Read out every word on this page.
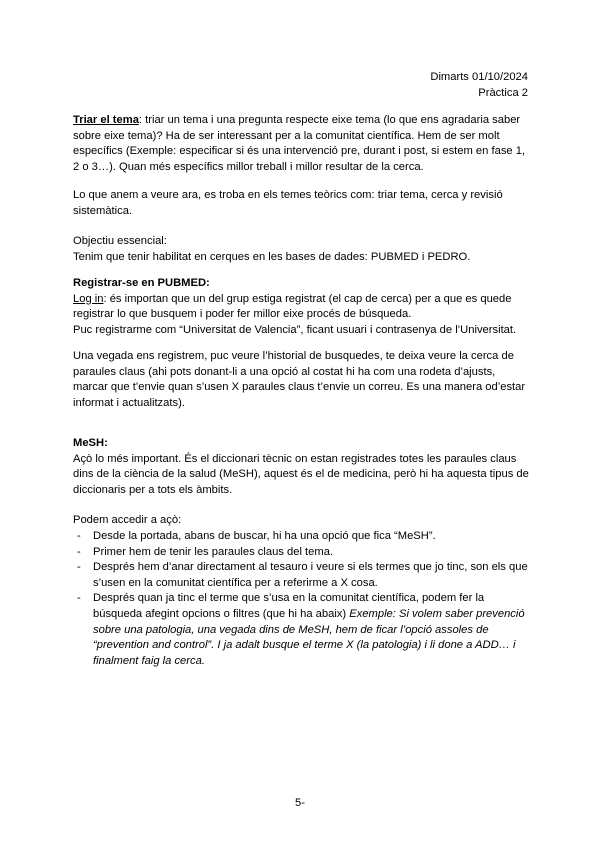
Dimarts 01/10/2024
Pràctica 2

Triar el tema: triar un tema i una pregunta respecte eixe tema (lo que ens agradaria saber sobre eixe tema)? Ha de ser interessant per a la comunitat científica. Hem de ser molt específics (Exemple: especificar si és una intervenció pre, durant i post, si estem en fase 1, 2 o 3…). Quan més específics millor treball i millor resultar de la cerca.

Lo que anem a veure ara, es troba en els temes teòrics com: triar tema, cerca y revisió sistemàtica.

Objectiu essencial:
Tenim que tenir habilitat en cerques en les bases de dades: PUBMED i PEDRO.
Registrar-se en PUBMED:
Log in: és importan que un del grup estiga registrat (el cap de cerca) per a que es quede registrar lo que busquem i poder fer millor eixe procés de búsqueda.
Puc registrarme com “Universitat de Valencia”, ficant usuari i contrasenya de l’Universitat.

Una vegada ens registrem, puc veure l’historial de busquedes, te deixa veure la cerca de paraules claus (ahi pots donant-li a una opció al costat hi ha com una rodeta d’ajusts, marcar que t’envie quan s’usen X paraules claus t’envie un correu. Es una manera od’estar informat i actualitzats).

MeSH:
Açò lo més important. És el diccionari tècnic on estan registrades totes les paraules claus dins de la ciència de la salud (MeSH), aquest és el de medicina, però hi ha aquesta tipus de diccionaris per a tots els àmbits.

Podem accedir a açò:

- Desde la portada, abans de buscar, hi ha una opció que fica “MeSH”.
- Primer hem de tenir les paraules claus del tema.
- Després hem d’anar directament al tesauro i veure si els termes que jo tinc, son els que s’usen en la comunitat científica per a referirme a X cosa.
- Després quan ja tinc el terme que s’usa en la comunitat científica, podem fer la búsqueda afegint opcions o filtres (que hi ha abaix) Exemple: Si volem saber prevenció sobre una patologia, una vegada dins de MeSH, hem de ficar l’opció assoles de “prevention and control”. I ja adalt busque el terme X (la patologia) i li done a ADD… i finalment faig la cerca.
5-
